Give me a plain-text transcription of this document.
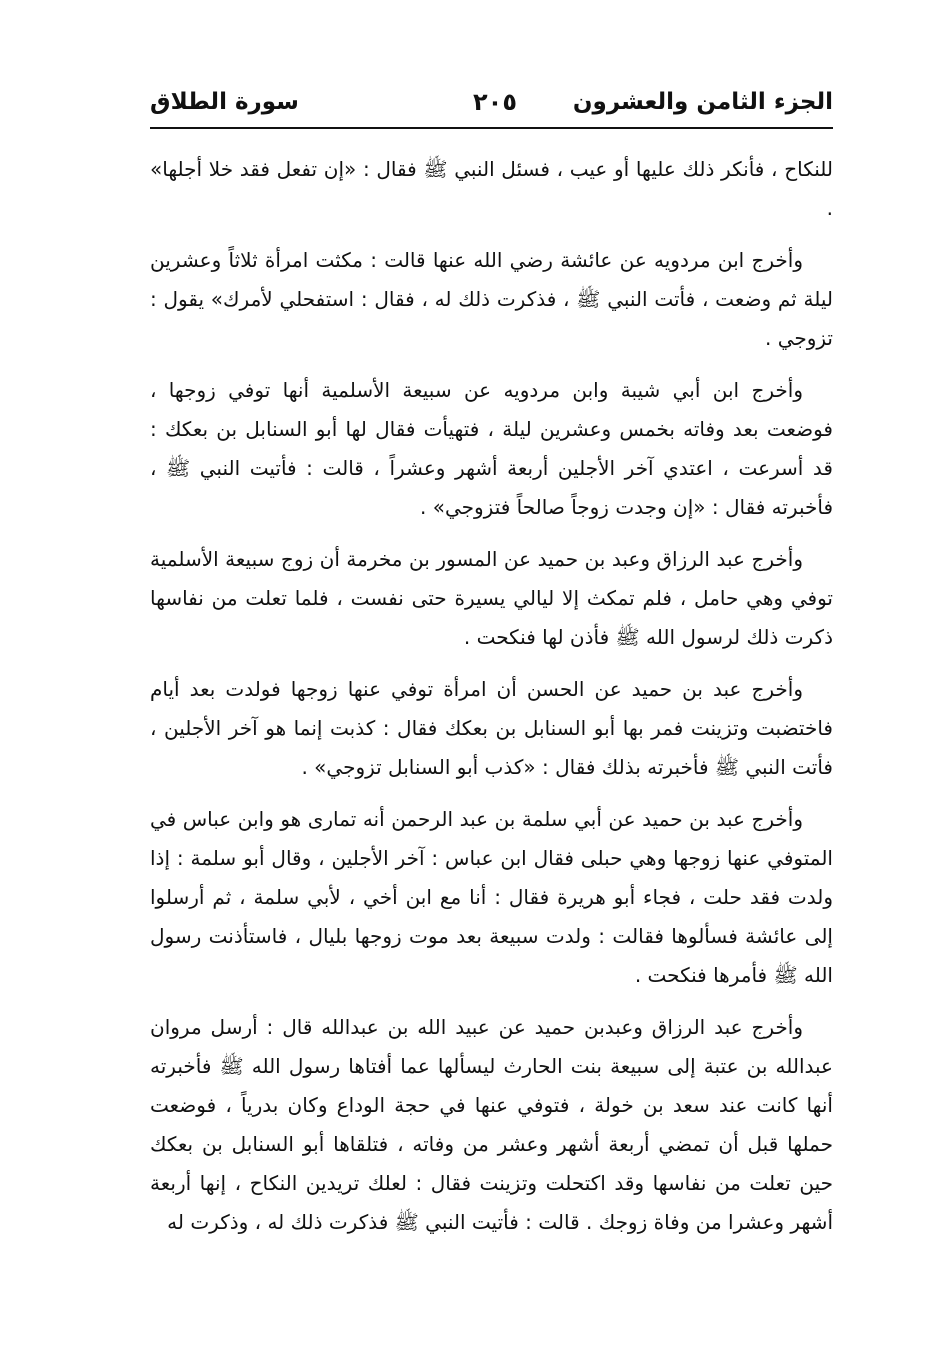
الجزء الثامن والعشرون
٢٠٥
سورة الطلاق

للنكاح ، فأنكر ذلك عليها أو عيب ، فسئل النبي ﷺ فقال : «إن تفعل فقد خلا أجلها» .

وأخرج ابن مردويه عن عائشة رضي الله عنها قالت : مكثت امرأة ثلاثاً وعشرين ليلة ثم وضعت ، فأتت النبي ﷺ ، فذكرت ذلك له ، فقال : استفحلي لأمرك» يقول : تزوجي .

وأخرج ابن أبي شيبة وابن مردويه عن سبيعة الأسلمية أنها توفي زوجها ، فوضعت بعد وفاته بخمس وعشرين ليلة ، فتهيأت فقال لها أبو السنابل بن بعكك : قد أسرعت ، اعتدي آخر الأجلين أربعة أشهر وعشراً ، قالت : فأتيت النبي ﷺ ، فأخبرته فقال : «إن وجدت زوجاً صالحاً فتزوجي» .

وأخرج عبد الرزاق وعبد بن حميد عن المسور بن مخرمة أن زوج سبيعة الأسلمية توفي وهي حامل ، فلم تمكث إلا ليالي يسيرة حتى نفست ، فلما تعلت من نفاسها ذكرت ذلك لرسول الله ﷺ فأذن لها فنكحت .

وأخرج عبد بن حميد عن الحسن أن امرأة توفي عنها زوجها فولدت بعد أيام فاختضبت وتزينت فمر بها أبو السنابل بن بعكك فقال : كذبت إنما هو آخر الأجلين ، فأتت النبي ﷺ فأخبرته بذلك فقال : «كذب أبو السنابل تزوجي» .

وأخرج عبد بن حميد عن أبي سلمة بن عبد الرحمن أنه تمارى هو وابن عباس في المتوفي عنها زوجها وهي حبلى فقال ابن عباس : آخر الأجلين ، وقال أبو سلمة : إذا ولدت فقد حلت ، فجاء أبو هريرة فقال : أنا مع ابن أخي ، لأبي سلمة ، ثم أرسلوا إلى عائشة فسألوها فقالت : ولدت سبيعة بعد موت زوجها بليال ، فاستأذنت رسول الله ﷺ فأمرها فنكحت .

وأخرج عبد الرزاق وعبدبن حميد عن عبيد الله بن عبدالله قال : أرسل مروان عبدالله بن عتبة إلى سبيعة بنت الحارث ليسألها عما أفتاها رسول الله ﷺ فأخبرته أنها كانت عند سعد بن خولة ، فتوفي عنها في حجة الوداع وكان بدرياً ، فوضعت حملها قبل أن تمضي أربعة أشهر وعشر من وفاته ، فتلقاها أبو السنابل بن بعكك حين تعلت من نفاسها وقد اكتحلت وتزينت فقال : لعلك تريدين النكاح ، إنها أربعة أشهر وعشرا من وفاة زوجك . قالت : فأتيت النبي ﷺ فذكرت ذلك له ، وذكرت له
